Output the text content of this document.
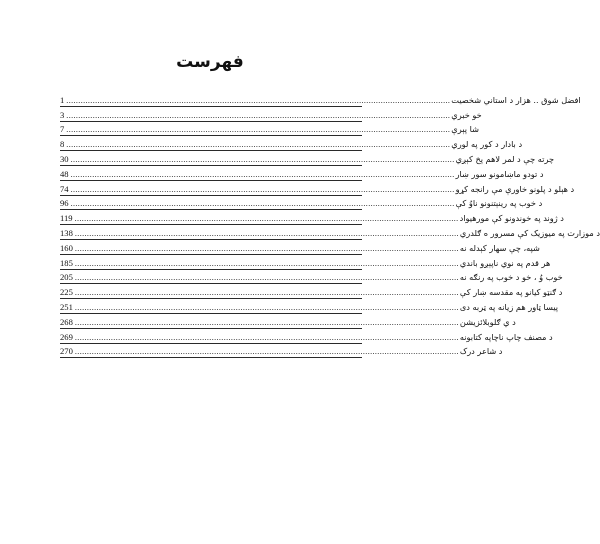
فهرست
1 ................................................................................................................................................................ افضل شوق .. هزار د استاني شخصيت
3 ................................................................................................................................................................ خو خبري
7 ................................................................................................................................................................ شا پېرې
8 ................................................................................................................................................................ د بادار د کور په لوري
30 ................................................................................................................................................................ چرته چې د لمر لاهم پخ کېږي
48 ................................................................................................................................................................ د تودو ماښامونو سور ښار
74 ................................................................................................................................................................ د هېلو د پلونو خاورې مې رانجه کړو
96 ................................................................................................................................................................ د خوب په رینېتنونو ناوُ کې
119 ................................................................................................................................................................ د ژوند په خوندونو کې مورهیواد
138 ................................................................................................................................................................ د موزارت په میوزیک کې مسرور ه ګلدري
160 ................................................................................................................................................................ شپه، چې سهار کېدله نه
185 ................................................................................................................................................................ هر قدم په نوي ناپېږو باندي
205 ................................................................................................................................................................ خوب وُ ، خو د خوب په رنګه نه
225 ................................................................................................................................................................ د ګنټو کيانو په مقدسه ښار کې
251 ................................................................................................................................................................ پیسا ټاور هم زیانه په ټربه دی
268 ................................................................................................................................................................ د ي ګلوبلائزیشن
269 ................................................................................................................................................................ د مصنف چاپ ناچاپه کتابونه
270 ................................................................................................................................................................ د شاعر درک
